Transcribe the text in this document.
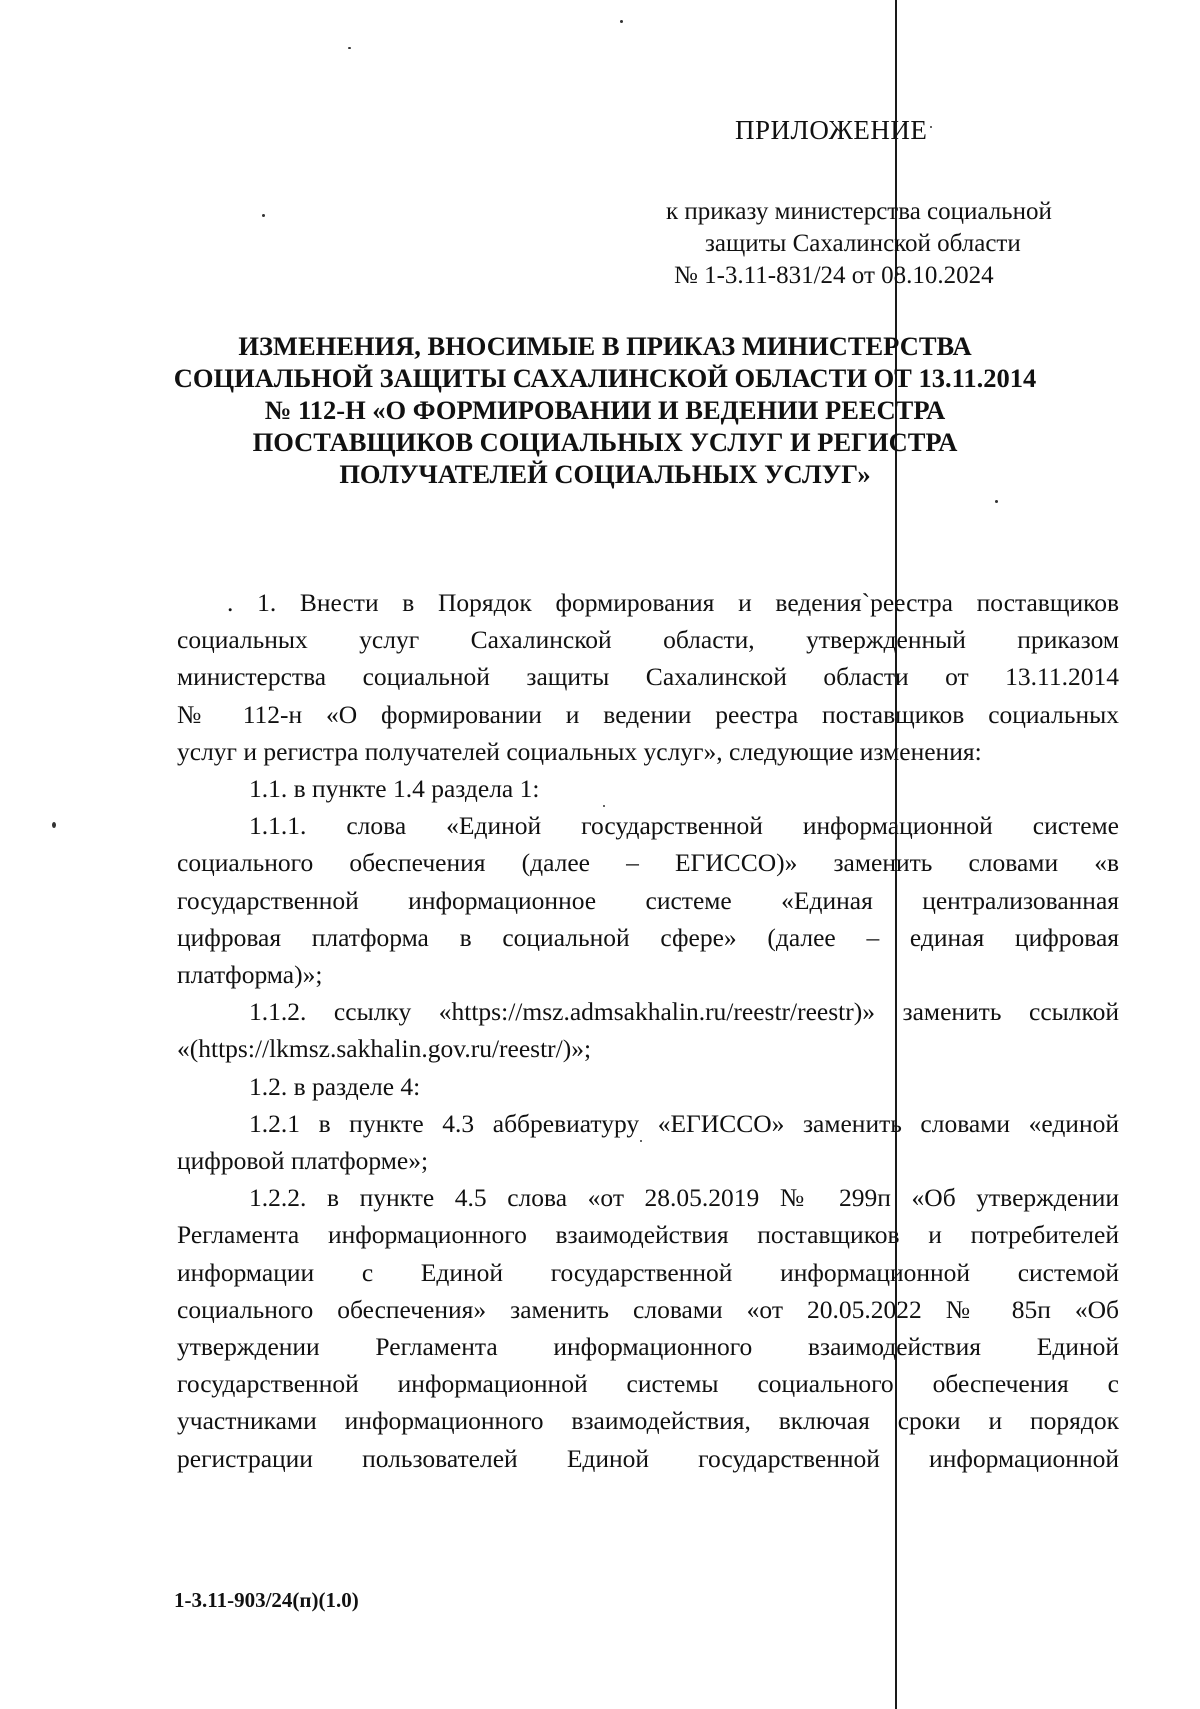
ПРИЛОЖЕНИЕ
к приказу министерства социальной
защиты Сахалинской области
№ 1-3.11-831/24 от 08.10.2024
ИЗМЕНЕНИЯ, ВНОСИМЫЕ В ПРИКАЗ МИНИСТЕРСТВА
СОЦИАЛЬНОЙ ЗАЩИТЫ САХАЛИНСКОЙ ОБЛАСТИ ОТ 13.11.2014
№ 112-Н «О ФОРМИРОВАНИИ И ВЕДЕНИИ РЕЕСТРА
ПОСТАВЩИКОВ СОЦИАЛЬНЫХ УСЛУГ И РЕГИСТРА
ПОЛУЧАТЕЛЕЙ СОЦИАЛЬНЫХ УСЛУГ»
. 1. Внести в Порядок формирования и ведения`реестра поставщиков
социальных услуг Сахалинской области, утвержденный приказом
министерства социальной защиты Сахалинской области от 13.11.2014
№ 112-н «О формировании и ведении реестра поставщиков социальных
услуг и регистра получателей социальных услуг», следующие изменения:
1.1. в пункте 1.4 раздела 1:
1.1.1. слова «Единой государственной информационной системе
социального обеспечения (далее – ЕГИССО)» заменить словами «в
государственной информационное системе «Единая централизованная
цифровая платформа в социальной сфере» (далее – единая цифровая
платформа)»;
1.1.2. ссылку «https://msz.admsakhalin.ru/reestr/reestr)» заменить ссылкой
«(https://lkmsz.sakhalin.gov.ru/reestr/)»;
1.2. в разделе 4:
1.2.1 в пункте 4.3 аббревиатуру «ЕГИССО» заменить словами «единой
цифровой платформе»;
1.2.2. в пункте 4.5 слова «от 28.05.2019 № 299п «Об утверждении
Регламента информационного взаимодействия поставщиков и потребителей
информации с Единой государственной информационной системой
социального обеспечения» заменить словами «от 20.05.2022 № 85п «Об
утверждении Регламента информационного взаимодействия Единой
государственной информационной системы социального обеспечения с
участниками информационного взаимодействия, включая сроки и порядок
регистрации пользователей Единой государственной информационной
1-3.11-903/24(п)(1.0)
